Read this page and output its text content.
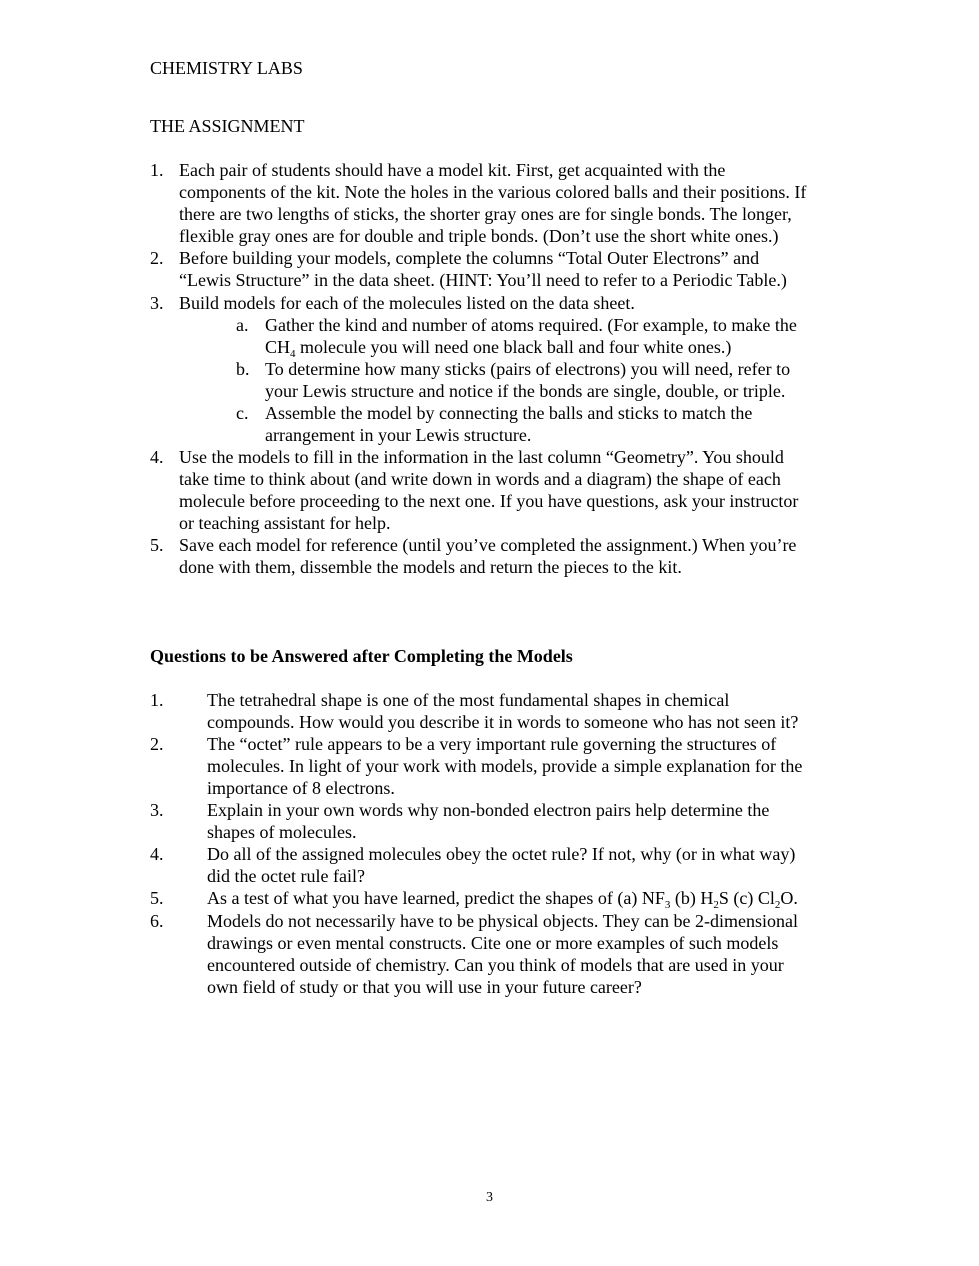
CHEMISTRY LABS
THE ASSIGNMENT
1. Each pair of students should have a model kit. First, get acquainted with the
components of the kit. Note the holes in the various colored balls and their positions. If
there are two lengths of sticks, the shorter gray ones are for single bonds. The longer,
flexible gray ones are for double and triple bonds. (Don’t use the short white ones.)
2. Before building your models, complete the columns “Total Outer Electrons” and
“Lewis Structure” in the data sheet. (HINT: You’ll need to refer to a Periodic Table.)
3. Build models for each of the molecules listed on the data sheet.
a. Gather the kind and number of atoms required. (For example, to make the
$CH_4$ molecule you will need one black ball and four white ones.)
b. To determine how many sticks (pairs of electrons) you will need, refer to
your Lewis structure and notice if the bonds are single, double, or triple.
c. Assemble the model by connecting the balls and sticks to match the
arrangement in your Lewis structure.
4. Use the models to fill in the information in the last column “Geometry”. You should
take time to think about (and write down in words and a diagram) the shape of each
molecule before proceeding to the next one. If you have questions, ask your instructor
or teaching assistant for help.
5. Save each model for reference (until you’ve completed the assignment.) When you’re
done with them, dissemble the models and return the pieces to the kit.
Questions to be Answered after Completing the Models
1. The tetrahedral shape is one of the most fundamental shapes in chemical
compounds. How would you describe it in words to someone who has not seen it?
2. The “octet” rule appears to be a very important rule governing the structures of
molecules. In light of your work with models, provide a simple explanation for the
importance of 8 electrons.
3. Explain in your own words why non-bonded electron pairs help determine the
shapes of molecules.
4. Do all of the assigned molecules obey the octet rule? If not, why (or in what way)
did the octet rule fail?
5. As a test of what you have learned, predict the shapes of (a) $NF_3$ (b) $H_2S$ (c) $Cl_2O$.
6. Models do not necessarily have to be physical objects. They can be 2-dimensional
drawings or even mental constructs. Cite one or more examples of such models
encountered outside of chemistry. Can you think of models that are used in your
own field of study or that you will use in your future career?
3
